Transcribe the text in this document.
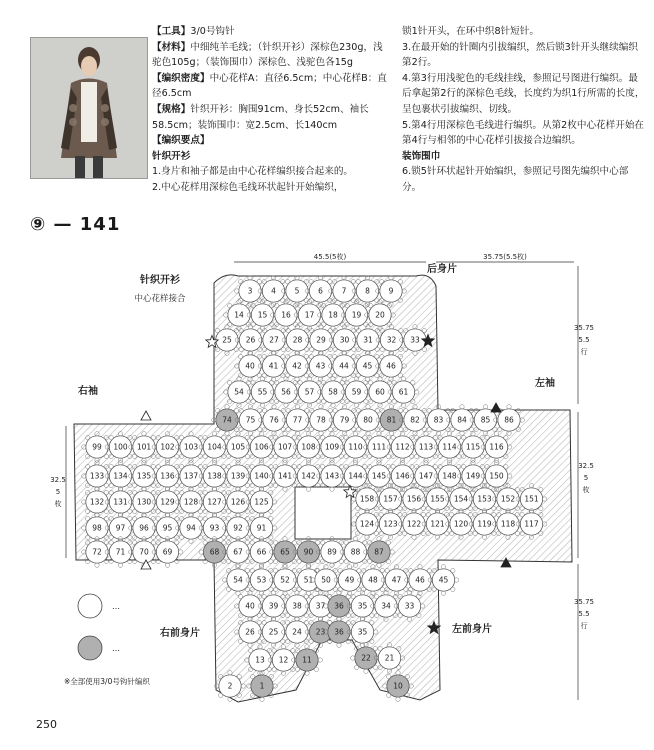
【工具】3/0号钩针
【材料】中细纯羊毛线；（针织开衫）深棕色230g，浅驼色105g；（装饰围巾）深棕色、浅驼色各15g
【编织密度】中心花样A：直径6.5cm；中心花样B：直径6.5cm
【规格】针织开衫：胸围91cm、身长52cm、袖长58.5cm；装饰围巾：宽2.5cm、长140cm
【编织要点】
针织开衫
1.身片和袖子都是由中心花样编织接合起来的。
2.中心花样用深棕色毛线环状起针开始编织，
锁1针开头，在环中织8针短针。
3.在最开始的针圈内引拔编织，然后锁3针开头继续编织第2行。
4.第3行用浅驼色的毛线挂线，参照记号图进行编织。最后拿起第2行的深棕色毛线，长度约为织1行所需的长度，呈包裹状引拔编织、切线。
5.第4行用深棕色毛线进行编织。从第2枚中心花样开始在第4行与相邻的中心花样引拔接合边编织。
装饰围巾
6.锁5针环状起针开始编织，参照记号图先编织中心部分。
⑨ — 141
3 4 5 6 7 8 9
14 15 16 17 18 19 20
25 26 27 28 29 30 31 32 33
40 41 42 43 44 45 46
54 55 56 57 58 59 60 61
74 75 76 77 78 79 80 81 82 83 84 85 86
99 100 101 102 103 104 105 106 107 108 109 110 111 112 113 114 115 116
133 134 135 136 137 138 139 140 141 142 143 144 145 146 147 148 149 150
132 131 130 129 128 127 126 125	158 157 156 155 154 153 152 151
98 97 96 95 94 93 92 91	124 123 122 121 120 119 118 117
72 71 70 69	68 67 66 65 90 89 88 87
54 53 52 51 50 49 48 47 46 45
40 39 38 37 36 35 34 33
26 25 24 23 36 35
13 12 11	22 21
1	10
2
45.5(5枚)	35.75(5.5枚)
35.75
5.5
行
32.5
5
枚
35.75
5.5
行
32.5
5
枚
针织开衫
中心花样接合
后身片
左袖
右袖
右前身片	左前身片
…
…
※全部使用3/0号钩针编织
250
